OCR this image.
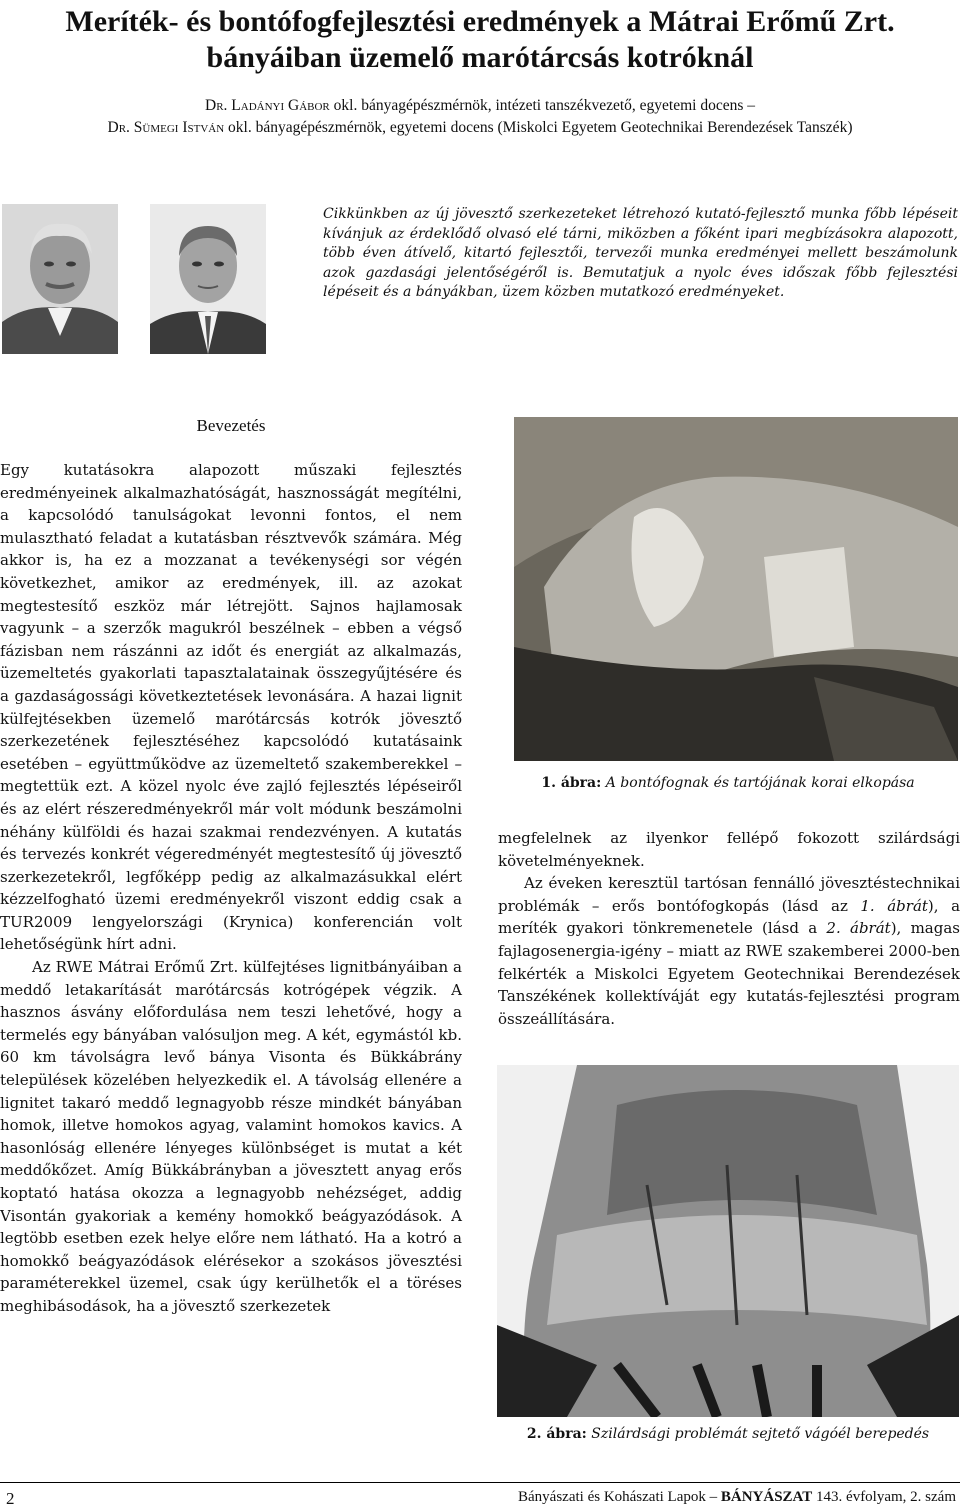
Meríték- és bontófogfejlesztési eredmények a Mátrai Erőmű Zrt.
bányáiban üzemelő marótárcsás kotróknál
Dr. Ladányi Gábor okl. bányagépészmérnök, intézeti tanszékvezető, egyetemi docens –
Dr. Sümegi István okl. bányagépészmérnök, egyetemi docens (Miskolci Egyetem Geotechnikai Berendezések Tanszék)
Cikkünkben az új jövesztő szerkezeteket létrehozó kutató-fejlesztő munka főbb lépéseit kívánjuk az érdeklődő olvasó elé tárni, miközben a főként ipari megbízásokra alapozott, több éven átívelő, kitartó fejlesztői, tervezői munka eredményei mellett beszámolunk azok gazdasági jelentőségéről is. Bemutatjuk a nyolc éves időszak főbb fejlesztési lépéseit és a bányákban, üzem közben mutatkozó eredményeket.
Bevezetés

Egy kutatásokra alapozott műszaki fejlesztés eredményeinek alkalmazhatóságát, hasznosságát megítélni, a kapcsolódó tanulságokat levonni fontos, el nem mulasztható feladat a kutatásban résztvevők számára. Még akkor is, ha ez a mozzanat a tevékenységi sor végén következhet, amikor az eredmények, ill. az azokat megtestesítő eszköz már létrejött. Sajnos hajlamosak vagyunk – a szerzők magukról beszélnek – ebben a végső fázisban nem rászánni az időt és energiát az alkalmazás, üzemeltetés gyakorlati tapasztalatainak összegyűjtésére és a gazdaságossági következtetések levonására. A hazai lignit külfejtésekben üzemelő marótárcsás kotrók jövesztő szerkezetének fejlesztéséhez kapcsolódó kutatásaink esetében – együttműködve az üzemeltető szakemberekkel – megtettük ezt. A közel nyolc éve zajló fejlesztés lépéseiről és az elért részeredményekről már volt módunk beszámolni néhány külföldi és hazai szakmai rendezvényen. A kutatás és tervezés konkrét végeredményét megtestesítő új jövesztő szerkezetekről, legfőképp pedig az alkalmazásukkal elért kézzelfogható üzemi eredményekről viszont eddig csak a TUR2009 lengyelországi (Krynica) konferencián volt lehetőségünk hírt adni.

Az RWE Mátrai Erőmű Zrt. külfejtéses lignitbányáiban a meddő letakarítását marótárcsás kotrógépek végzik. A hasznos ásvány előfordulása nem teszi lehetővé, hogy a termelés egy bányában valósuljon meg. A két, egymástól kb. 60 km távolságra levő bánya Visonta és Bükkábrány települések közelében helyezkedik el. A távolság ellenére a lignitet takaró meddő legnagyobb része mindkét bányában homok, illetve homokos agyag, valamint homokos kavics. A hasonlóság ellenére lényeges különbséget is mutat a két meddőkőzet. Amíg Bükkábrányban a jövesztett anyag erős koptató hatása okozza a legnagyobb nehézséget, addig Visontán gyakoriak a kemény homokkő beágyazódások. A legtöbb esetben ezek helye előre nem látható. Ha a kotró a homokkő beágyazódások elérésekor a szokásos jövesztési paraméterekkel üzemel, csak úgy kerülhetők el a töréses meghibásodások, ha a jövesztő szerkezetek

1. ábra: A bontófognak és tartójának korai elkopása

megfelelnek az ilyenkor fellépő fokozott szilárdsági követelményeknek.

Az éveken keresztül tartósan fennálló jövesztéstechnikai problémák – erős bontófogkopás (lásd az 1. ábrát), a meríték gyakori tönkremenetele (lásd a 2. ábrát), magas fajlagosenergia-igény – miatt az RWE szakemberei 2000-ben felkérték a Miskolci Egyetem Geotechnikai Berendezések Tanszékének kollektíváját egy kutatás-fejlesztési program összeállítására.

2. ábra: Szilárdsági problémát sejtető vágóél berepedés
2	Bányászati és Kohászati Lapok – BÁNYÁSZAT 143. évfolyam, 2. szám
